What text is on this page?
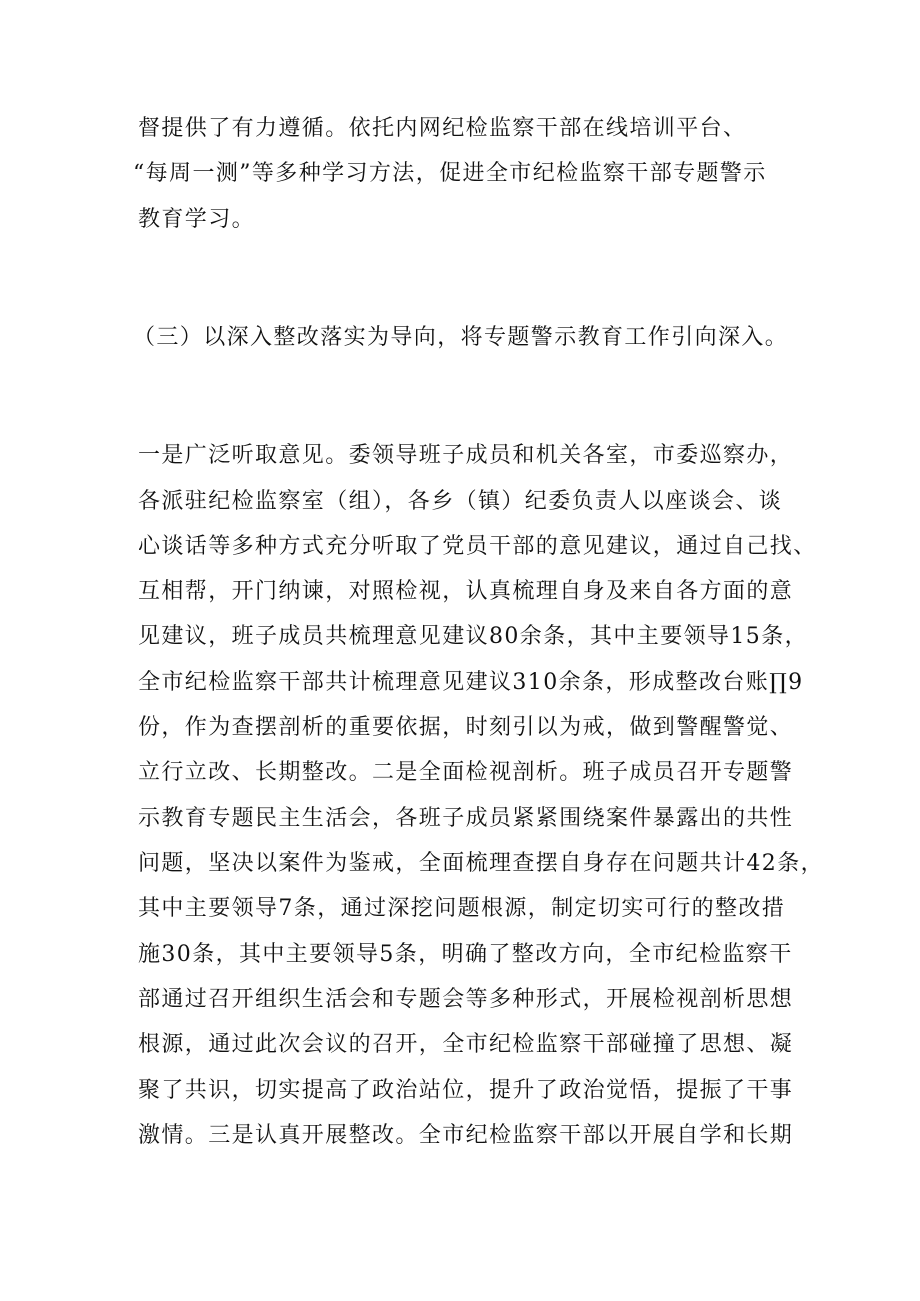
督提供了有力遵循。依托内网纪检监察干部在线培训平台、
“每周一测”等多种学习方法，促进全市纪检监察干部专题警示
教育学习。
（三）以深入整改落实为导向，将专题警示教育工作引向深入。
一是广泛听取意见。委领导班子成员和机关各室，市委巡察办，
各派驻纪检监察室（组），各乡（镇）纪委负责人以座谈会、谈
心谈话等多种方式充分听取了党员干部的意见建议，通过自己找、
互相帮，开门纳谏，对照检视，认真梳理自身及来自各方面的意
见建议，班子成员共梳理意见建议80余条，其中主要领导15条，
全市纪检监察干部共计梳理意见建议310余条，形成整改台账∏9
份，作为查摆剖析的重要依据，时刻引以为戒，做到警醒警觉、
立行立改、长期整改。二是全面检视剖析。班子成员召开专题警
示教育专题民主生活会，各班子成员紧紧围绕案件暴露出的共性
问题，坚决以案件为鉴戒，全面梳理查摆自身存在问题共计42条，
其中主要领导7条，通过深挖问题根源，制定切实可行的整改措
施30条，其中主要领导5条，明确了整改方向，全市纪检监察干
部通过召开组织生活会和专题会等多种形式，开展检视剖析思想
根源，通过此次会议的召开，全市纪检监察干部碰撞了思想、凝
聚了共识，切实提高了政治站位，提升了政治觉悟，提振了干事
激情。三是认真开展整改。全市纪检监察干部以开展自学和长期
